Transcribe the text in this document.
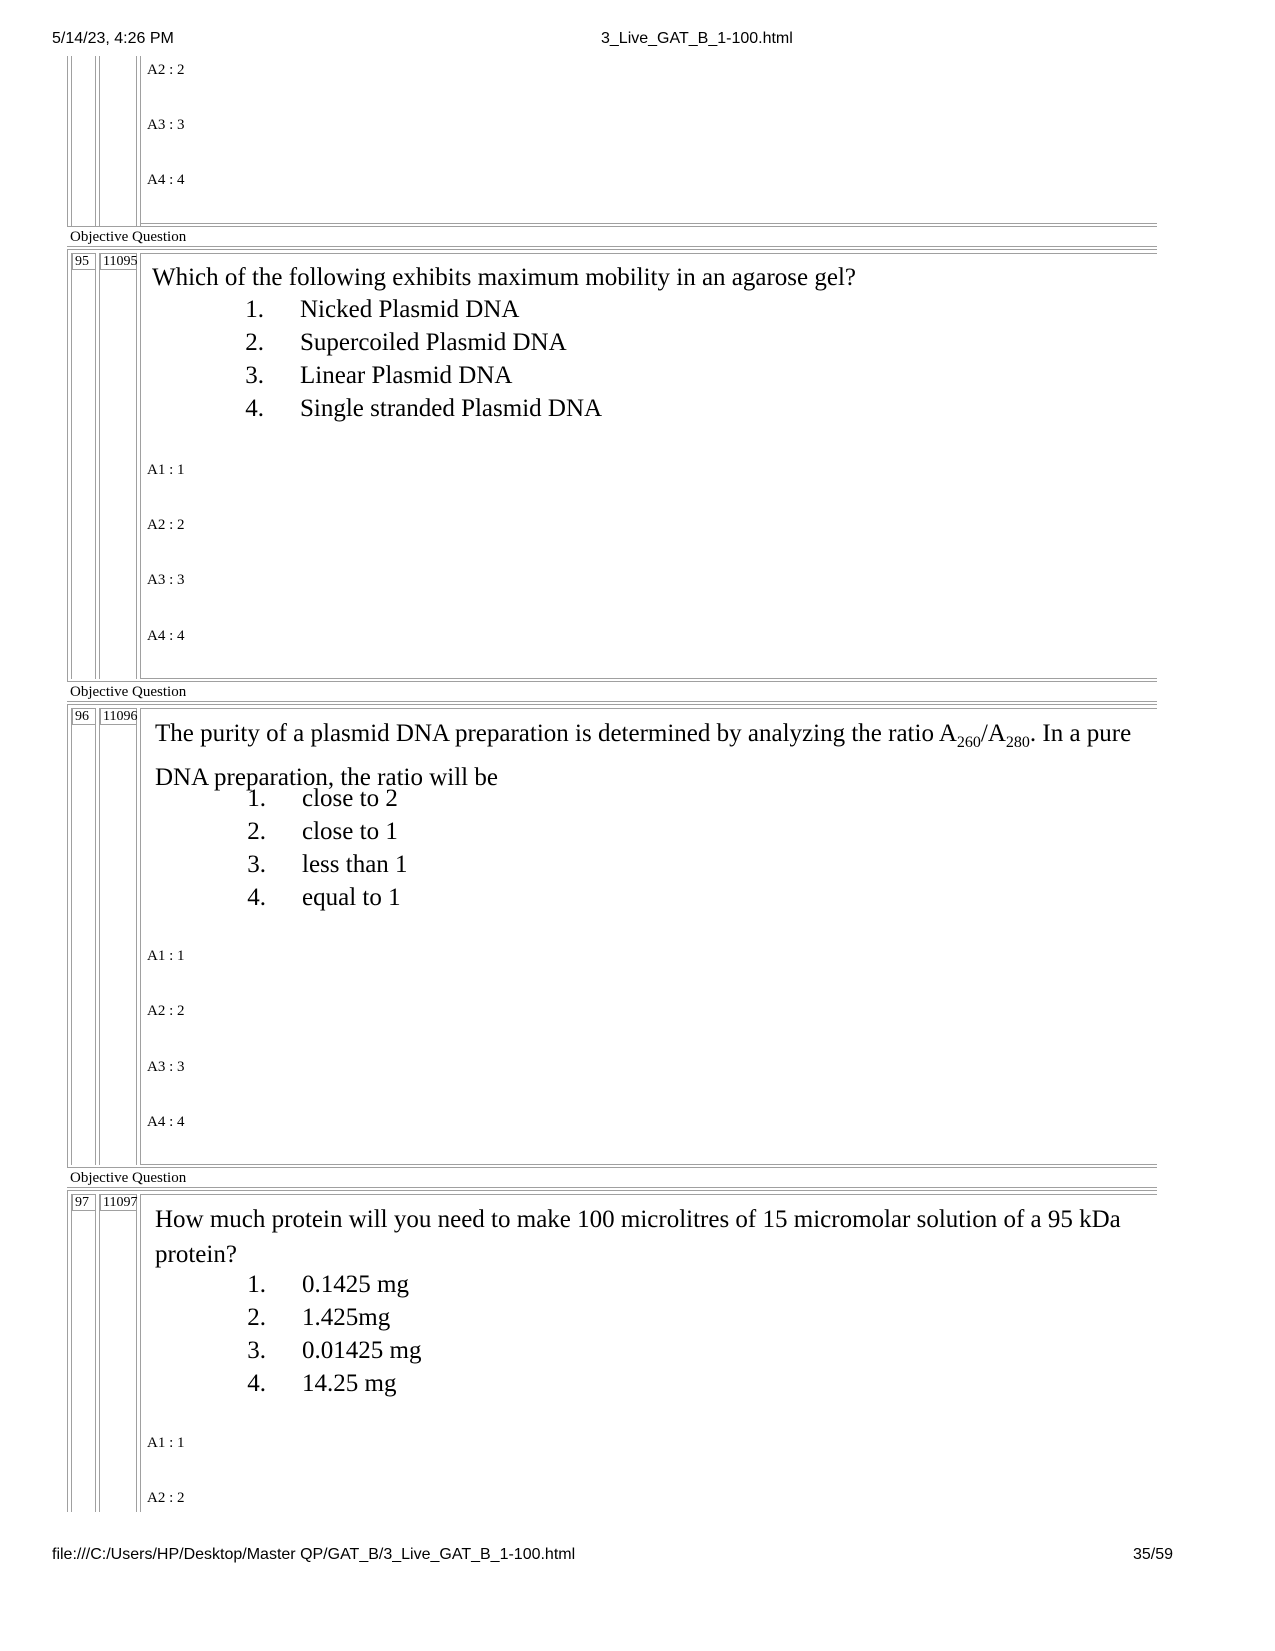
5/14/23, 4:26 PM	3_Live_GAT_B_1-100.html
A2 : 2
A3 : 3
A4 : 4
Objective Question
95	11095
Which of the following exhibits maximum mobility in an agarose gel?
1. Nicked Plasmid DNA
2. Supercoiled Plasmid DNA
3. Linear Plasmid DNA
4. Single stranded Plasmid DNA
A1 : 1
A2 : 2
A3 : 3
A4 : 4
Objective Question
96	11096
The purity of a plasmid DNA preparation is determined by analyzing the ratio $A_{260}/A_{280}$. In a pure DNA preparation, the ratio will be
1. close to 2
2. close to 1
3. less than 1
4. equal to 1
A1 : 1
A2 : 2
A3 : 3
A4 : 4
Objective Question
97	11097
How much protein will you need to make 100 microlitres of 15 micromolar solution of a 95 kDa protein?
1. 0.1425 mg
2. 1.425mg
3. 0.01425 mg
4. 14.25 mg
A1 : 1
A2 : 2
file:///C:/Users/HP/Desktop/Master QP/GAT_B/3_Live_GAT_B_1-100.html	35/59
